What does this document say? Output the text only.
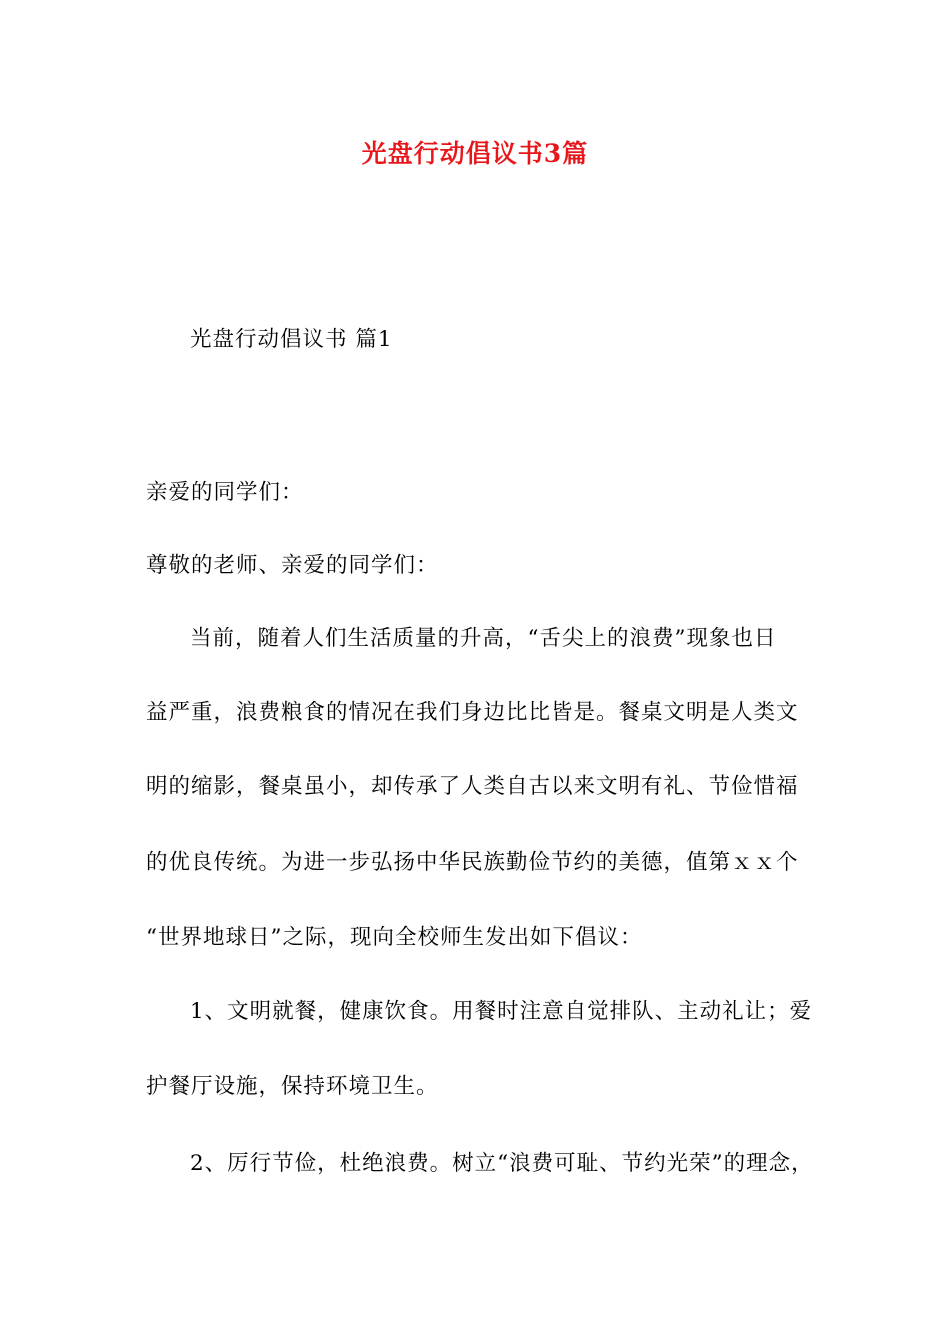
光盘行动倡议书3篇
光盘行动倡议书 篇1
亲爱的同学们：
尊敬的老师、亲爱的同学们：
当前，随着人们生活质量的升高，“舌尖上的浪费”现象也日
益严重，浪费粮食的情况在我们身边比比皆是。餐桌文明是人类文
明的缩影，餐桌虽小，却传承了人类自古以来文明有礼、节俭惜福
的优良传统。为进一步弘扬中华民族勤俭节约的美德，值第ｘｘ个
“世界地球日”之际，现向全校师生发出如下倡议：
1、文明就餐，健康饮食。用餐时注意自觉排队、主动礼让；爱
护餐厅设施，保持环境卫生。
2、厉行节俭，杜绝浪费。树立“浪费可耻、节约光荣”的理念，
